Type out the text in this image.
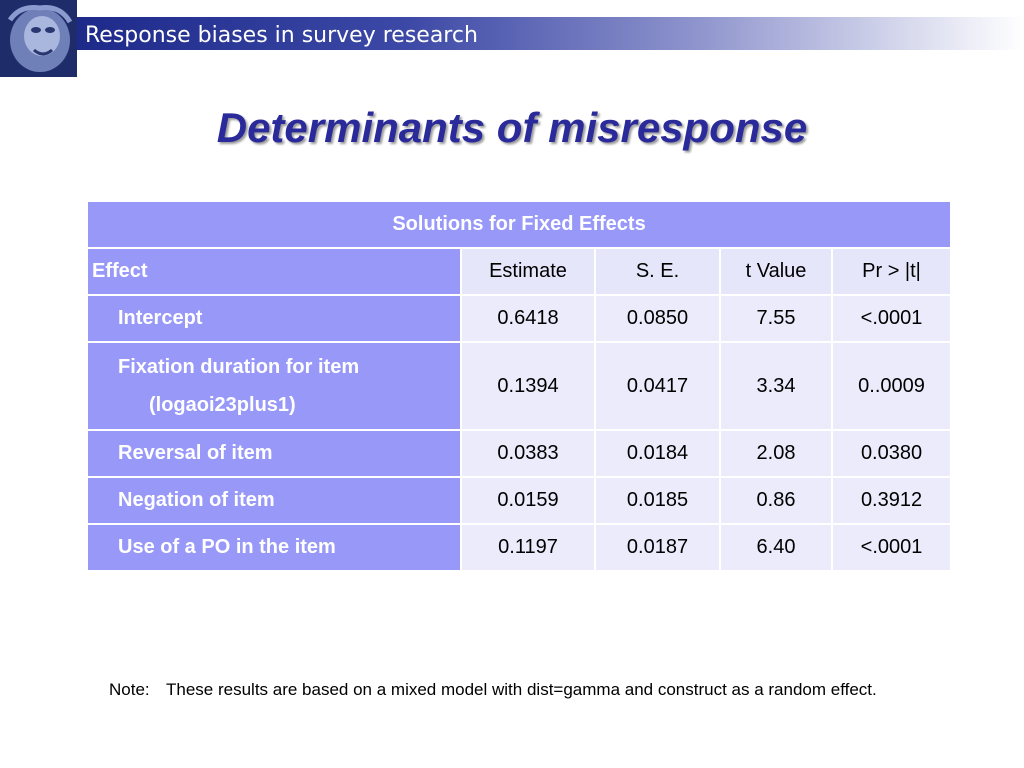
Response biases in survey research
Determinants of misresponse
Solutions for Fixed Effects				
Effect	Estimate	S. E.	t Value	Pr > |t|
Intercept	0.6418	0.0850	7.55	<.0001

Fixation duration for item
(logaoi23plus1)	0.1394	0.0417	3.34	0..0009
Reversal of item	0.0383	0.0184	2.08	0.0380
Negation of item	0.0159	0.0185	0.86	0.3912
Use of a PO in the item	0.1197	0.0187	6.40	<.0001
Note: These results are based on a mixed model with dist=gamma and construct as a random effect.
